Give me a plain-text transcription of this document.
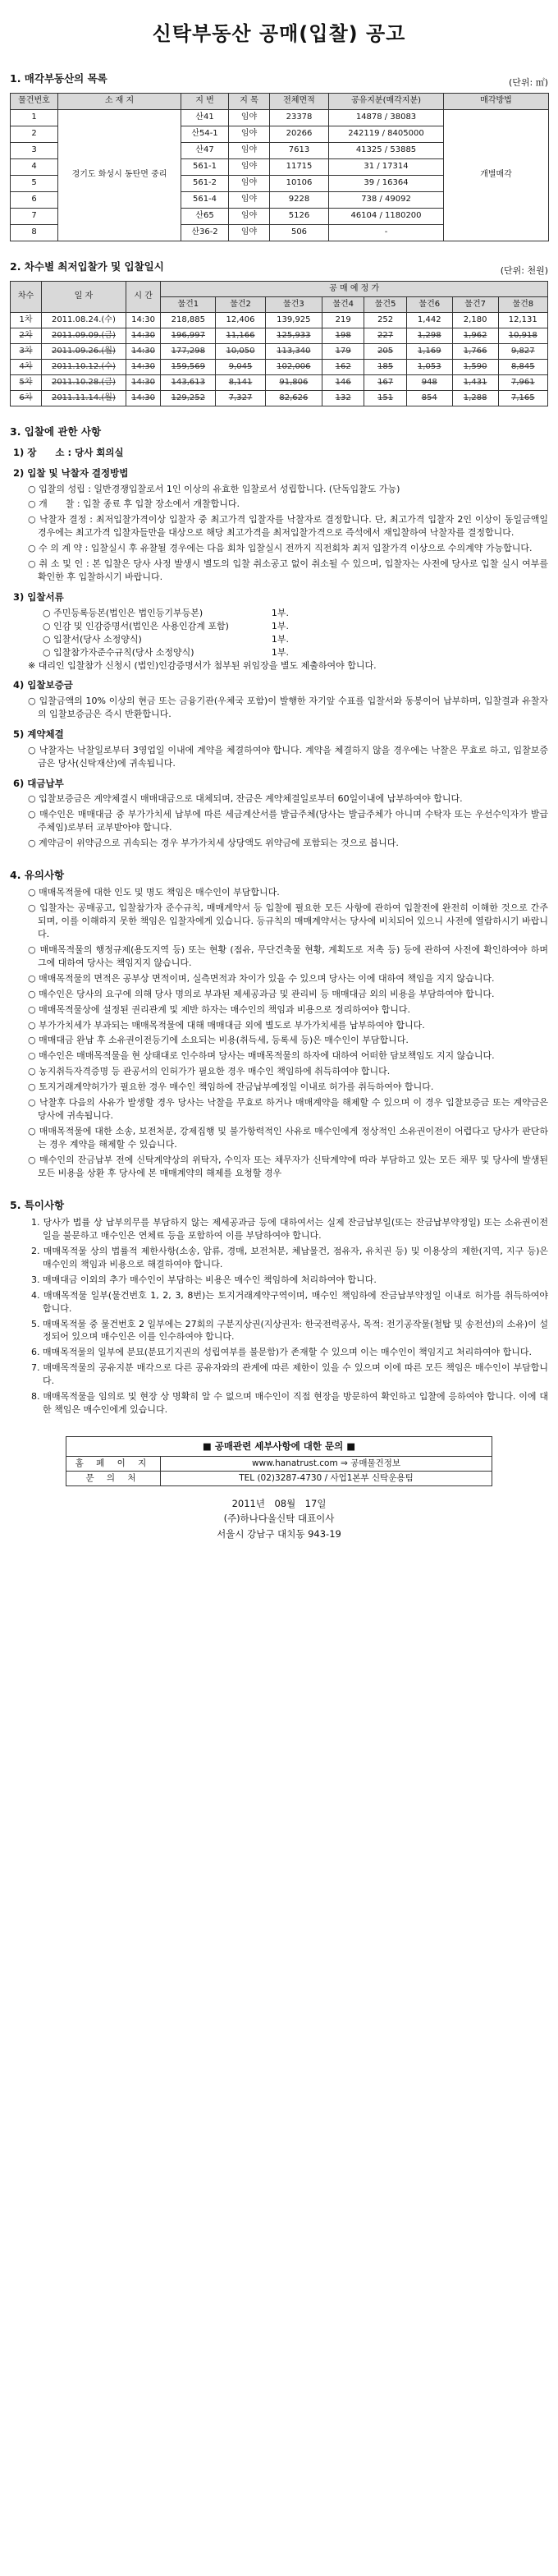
신탁부동산 공매(입찰) 공고
1. 매각부동산의 목록	(단위: ㎡)
물건번호	소 재 지	지 번	지 목	전체면적	공유지분(매각지분)	매각방법
1	경기도 화성시 동탄면 중리	산41	임야	23378	14878 / 38083	개별매각
2		산54-1	임야	20266	242119 / 8405000	
3		산47	임야	7613	41325 / 53885	
4		561-1	임야	11715	31 / 17314	
5		561-2	임야	10106	39 / 16364	
6		561-4	임야	9228	738 / 49092	
7		산65	임야	5126	46104 / 1180200	
8		산36-2	임야	506	-	
2. 차수별 최저입찰가 및 입찰일시	(단위: 천원)
차수	일 자	시 간	공 매 예 정 가							
			물건1	물건2	물건3	물건4	물건5	물건6	물건7	물건8
1차	2011.08.24.(수)	14:30	218,885	12,406	139,925	219	252	1,442	2,180	12,131
2차	2011.09.09.(금)	14:30	196,997	11,166	125,933	198	227	1,298	1,962	10,918
3차	2011.09.26.(월)	14:30	177,298	10,050	113,340	179	205	1,169	1,766	9,827
4차	2011.10.12.(수)	14:30	159,569	9,045	102,006	162	185	1,053	1,590	8,845
5차	2011.10.28.(금)	14:30	143,613	8,141	91,806	146	167	948	1,431	7,961
6차	2011.11.14.(월)	14:30	129,252	7,327	82,626	132	151	854	1,288	7,165
3. 입찰에 관한 사항
1) 장　　소 : 당사 회의실
2) 입찰 및 낙찰자 결정방법
○ 입찰의 성립 : 일반경쟁입찰로서 1인 이상의 유효한 입찰로서 성립합니다. (단독입찰도 가능)
○ 개　　찰 : 입찰 종료 후 입찰 장소에서 개찰합니다.
○ 낙찰자 결정 : 최저입찰가격이상 입찰자 중 최고가격 입찰자를 낙찰자로 결정합니다. 단, 최고가격 입찰자 2인 이상이 동일금액일 경우에는 최고가격 입찰자들만을 대상으로 해당 최고가격을 최저입찰가격으로 즉석에서 재입찰하여 낙찰자를 결정합니다.
○ 수 의 계 약 : 입찰실시 후 유찰될 경우에는 다음 회차 입찰실시 전까지 직전회차 최저 입찰가격 이상으로 수의계약 가능합니다.
○ 취 소 및 인 : 본 입찰은 당사 사정 발생시 별도의 입찰 취소공고 없이 취소될 수 있으며, 입찰자는 사전에 당사로 입찰 실시 여부를 확인한 후 입찰하시기 바랍니다.
3) 입찰서류
○ 주민등록등본(법인은 법인등기부등본)	1부.
○ 인감 및 인감증명서(법인은 사용인감계 포함)	1부.
○ 입찰서(당사 소정양식)	1부.
○ 입찰참가자준수규칙(당사 소정양식)	1부.
※ 대리인 입찰참가 신청시 (법인)인감증명서가 첨부된 위임장을 별도 제출하여야 합니다.
4) 입찰보증금
○ 입찰금액의 10% 이상의 현금 또는 금융기관(우체국 포함)이 발행한 자기앞 수표를 입찰서와 동봉이어 납부하며, 입찰결과 유찰자의 입찰보증금은 즉시 반환합니다.
5) 계약체결
○ 낙찰자는 낙찰일로부터 3영업일 이내에 계약을 체결하여야 합니다. 계약을 체결하지 않을 경우에는 낙찰은 무효로 하고, 입찰보증금은 당사(신탁재산)에 귀속됩니다.
6) 대금납부
○ 입찰보증금은 계약체결시 매매대금으로 대체되며, 잔금은 계약체결일로부터 60일이내에 납부하여야 합니다.
○ 매수인은 매매대금 중 부가가치세 납부에 따른 세금계산서를 발급주체(당사는 발급주체가 아니며 수탁자 또는 우선수익자가 발급주체임)로부터 교부받아야 합니다.
○ 계약금이 위약금으로 귀속되는 경우 부가가치세 상당액도 위약금에 포함되는 것으로 봅니다.
4. 유의사항
○ 매매목적물에 대한 인도 및 명도 책임은 매수인이 부담합니다.
○ 입찰자는 공매공고, 입찰참가자 준수규칙, 매매계약서 등 입찰에 필요한 모든 사항에 관하여 입찰전에 완전히 이해한 것으로 간주되며, 이를 이해하지 못한 책임은 입찰자에게 있습니다. 등규칙의 매매계약서는 당사에 비치되어 있으니 사전에 열람하시기 바랍니다.
○ 매매목적물의 행정규제(용도지역 등) 또는 현황 (점유, 무단건축물 현황, 계획도로 저촉 등) 등에 관하여 사전에 확인하여야 하며 그에 대하여 당사는 책임지지 않습니다.
○ 매매목적물의 면적은 공부상 면적이며, 실측면적과 차이가 있을 수 있으며 당사는 이에 대하여 책임을 지지 않습니다.
○ 매수인은 당사의 요구에 의해 당사 명의로 부과된 제세공과금 및 관리비 등 매매대금 외의 비용을 부담하여야 합니다.
○ 매매목적물상에 설정된 권리관계 및 제반 하자는 매수인의 책임과 비용으로 정리하여야 합니다.
○ 부가가치세가 부과되는 매매목적물에 대해 매매대금 외에 별도로 부가가치세를 납부하여야 합니다.
○ 매매대금 완납 후 소유권이전등기에 소요되는 비용(취득세, 등록세 등)은 매수인이 부담합니다.
○ 매수인은 매매목적물을 현 상태대로 인수하며 당사는 매매목적물의 하자에 대하여 어떠한 담보책임도 지지 않습니다.
○ 농지취득자격증명 등 관공서의 인허가가 필요한 경우 매수인 책임하에 취득하여야 합니다.
○ 토지거래계약허가가 필요한 경우 매수인 책임하에 잔금납부예정일 이내로 허가를 취득하여야 합니다.
○ 낙찰후 다음의 사유가 발생할 경우 당사는 낙찰을 무효로 하거나 매매계약을 해제할 수 있으며 이 경우 입찰보증금 또는 계약금은 당사에 귀속됩니다.
○ 매매목적물에 대한 소송, 보전처분, 강제집행 및 불가항력적인 사유로 매수인에게 정상적인 소유권이전이 어렵다고 당사가 판단하는 경우 계약을 해제할 수 있습니다.
○ 매수인의 잔금납부 전에 신탁계약상의 위탁자, 수익자 또는 채무자가 신탁계약에 따라 부담하고 있는 모든 채무 및 당사에 발생된 모든 비용을 상환 후 당사에 본 매매계약의 해제를 요청할 경우
5. 특이사항
1. 당사가 법률 상 납부의무를 부담하지 않는 제세공과금 등에 대하여서는 실제 잔금납부일(또는 잔금납부약정일) 또는 소유권이전일을 불문하고 매수인은 연체료 등을 포함하여 이를 부담하여야 합니다.
2. 매매목적물 상의 법률적 제한사항(소송, 압류, 경매, 보전처분, 체납물건, 점유자, 유치권 등) 및 이용상의 제한(지역, 지구 등)은 매수인의 책임과 비용으로 해결하여야 합니다.
3. 매매대금 이외의 추가 매수인이 부담하는 비용은 매수인 책임하에 처리하여야 합니다.
4. 매매목적물 일부(물건번호 1, 2, 3, 8번)는 토지거래계약구역이며, 매수인 책임하에 잔금납부약정일 이내로 허가를 취득하여야 합니다.
5. 매매목적물 중 물건번호 2 일부에는 27회의 구분지상권(지상권자: 한국전력공사, 목적: 전기공작물(철탑 및 송전선)의 소유)이 설정되어 있으며 매수인은 이를 인수하여야 합니다.
6. 매매목적물의 일부에 분묘(분묘기지권의 성립여부를 불문함)가 존재할 수 있으며 이는 매수인이 책임지고 처리하여야 합니다.
7. 매매목적물의 공유지분 매각으로 다른 공유자와의 관계에 따른 제한이 있을 수 있으며 이에 따른 모든 책임은 매수인이 부담합니다.
8. 매매목적물을 임의로 및 현장 상 명확히 알 수 없으며 매수인이 직접 현장을 방문하여 확인하고 입찰에 응하여야 합니다. 이에 대한 책임은 매수인에게 있습니다.
■ 공매관련 세부사항에 대한 문의 ■
홈 페 이 지	www.hanatrust.com ⇒ 공매물건정보
문 의 처	TEL (02)3287-4730 / 사업1본부 신탁운용팀
2011년　08월　17일
(주)하나다올신탁 대표이사
서울시 강남구 대치동 943-19
